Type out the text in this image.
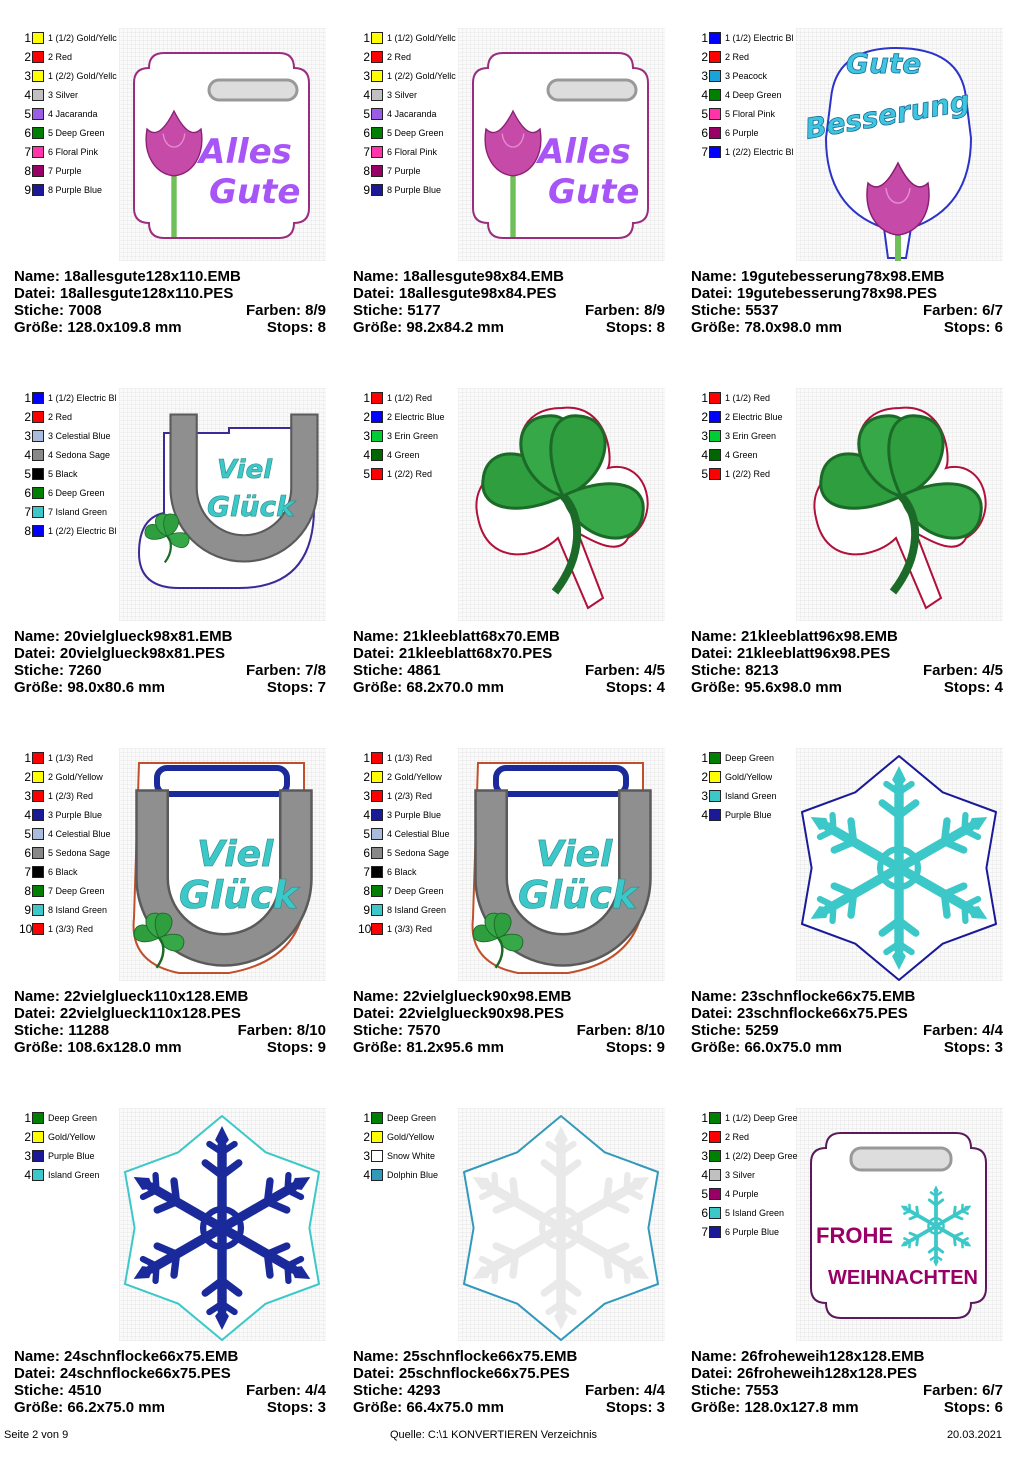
Alles
Gute
1 1 (1/2) Gold/Yellc
2 2 Red
3 1 (2/2) Gold/Yellc
4 3 Silver
5 4 Jacaranda
6 5 Deep Green
7 6 Floral Pink
8 7 Purple
9 8 Purple Blue
Name: 18allesgute128x110.EMB
Datei: 18allesgute128x110.PES
Stiche: 7008	Farben: 8/9
Größe: 128.0x109.8 mm	Stops: 8
Alles
Gute
1 1 (1/2) Gold/Yellc
2 2 Red
3 1 (2/2) Gold/Yellc
4 3 Silver
5 4 Jacaranda
6 5 Deep Green
7 6 Floral Pink
8 7 Purple
9 8 Purple Blue
Name: 18allesgute98x84.EMB
Datei: 18allesgute98x84.PES
Stiche: 5177	Farben: 8/9
Größe: 98.2x84.2 mm	Stops: 8
Gute
Besserung
1 1 (1/2) Electric Bl
2 2 Red
3 3 Peacock
4 4 Deep Green
5 5 Floral Pink
6 6 Purple
7 1 (2/2) Electric Bl
Name: 19gutebesserung78x98.EMB
Datei: 19gutebesserung78x98.PES
Stiche: 5537	Farben: 6/7
Größe: 78.0x98.0 mm	Stops: 6
Viel
Glück
1 1 (1/2) Electric Bl
2 2 Red
3 3 Celestial Blue
4 4 Sedona Sage
5 5 Black
6 6 Deep Green
7 7 Island Green
8 1 (2/2) Electric Bl
Name: 20vielglueck98x81.EMB
Datei: 20vielglueck98x81.PES
Stiche: 7260	Farben: 7/8
Größe: 98.0x80.6 mm	Stops: 7
1 1 (1/2) Red
2 2 Electric Blue
3 3 Erin Green
4 4 Green
5 1 (2/2) Red
Name: 21kleeblatt68x70.EMB
Datei: 21kleeblatt68x70.PES
Stiche: 4861	Farben: 4/5
Größe: 68.2x70.0 mm	Stops: 4
1 1 (1/2) Red
2 2 Electric Blue
3 3 Erin Green
4 4 Green
5 1 (2/2) Red
Name: 21kleeblatt96x98.EMB
Datei: 21kleeblatt96x98.PES
Stiche: 8213	Farben: 4/5
Größe: 95.6x98.0 mm	Stops: 4
Viel
Glück
1 1 (1/3) Red
2 2 Gold/Yellow
3 1 (2/3) Red
4 3 Purple Blue
5 4 Celestial Blue
6 5 Sedona Sage
7 6 Black
8 7 Deep Green
9 8 Island Green
10 1 (3/3) Red
Name: 22vielglueck110x128.EMB
Datei: 22vielglueck110x128.PES
Stiche: 11288	Farben: 8/10
Größe: 108.6x128.0 mm	Stops: 9
Viel
Glück
1 1 (1/3) Red
2 2 Gold/Yellow
3 1 (2/3) Red
4 3 Purple Blue
5 4 Celestial Blue
6 5 Sedona Sage
7 6 Black
8 7 Deep Green
9 8 Island Green
10 1 (3/3) Red
Name: 22vielglueck90x98.EMB
Datei: 22vielglueck90x98.PES
Stiche: 7570	Farben: 8/10
Größe: 81.2x95.6 mm	Stops: 9
1 Deep Green
2 Gold/Yellow
3 Island Green
4 Purple Blue
Name: 23schnflocke66x75.EMB
Datei: 23schnflocke66x75.PES
Stiche: 5259	Farben: 4/4
Größe: 66.0x75.0 mm	Stops: 3
1 Deep Green
2 Gold/Yellow
3 Purple Blue
4 Island Green
Name: 24schnflocke66x75.EMB
Datei: 24schnflocke66x75.PES
Stiche: 4510	Farben: 4/4
Größe: 66.2x75.0 mm	Stops: 3
1 Deep Green
2 Gold/Yellow
3 Snow White
4 Dolphin Blue
Name: 25schnflocke66x75.EMB
Datei: 25schnflocke66x75.PES
Stiche: 4293	Farben: 4/4
Größe: 66.4x75.0 mm	Stops: 3
FROHE
WEIHNACHTEN
1 1 (1/2) Deep Gree
2 2 Red
3 1 (2/2) Deep Gree
4 3 Silver
5 4 Purple
6 5 Island Green
7 6 Purple Blue
Name: 26froheweih128x128.EMB
Datei: 26froheweih128x128.PES
Stiche: 7553	Farben: 6/7
Größe: 128.0x127.8 mm	Stops: 6
Seite 2 von 9	Quelle: C:\1 KONVERTIEREN Verzeichnis	20.03.2021
